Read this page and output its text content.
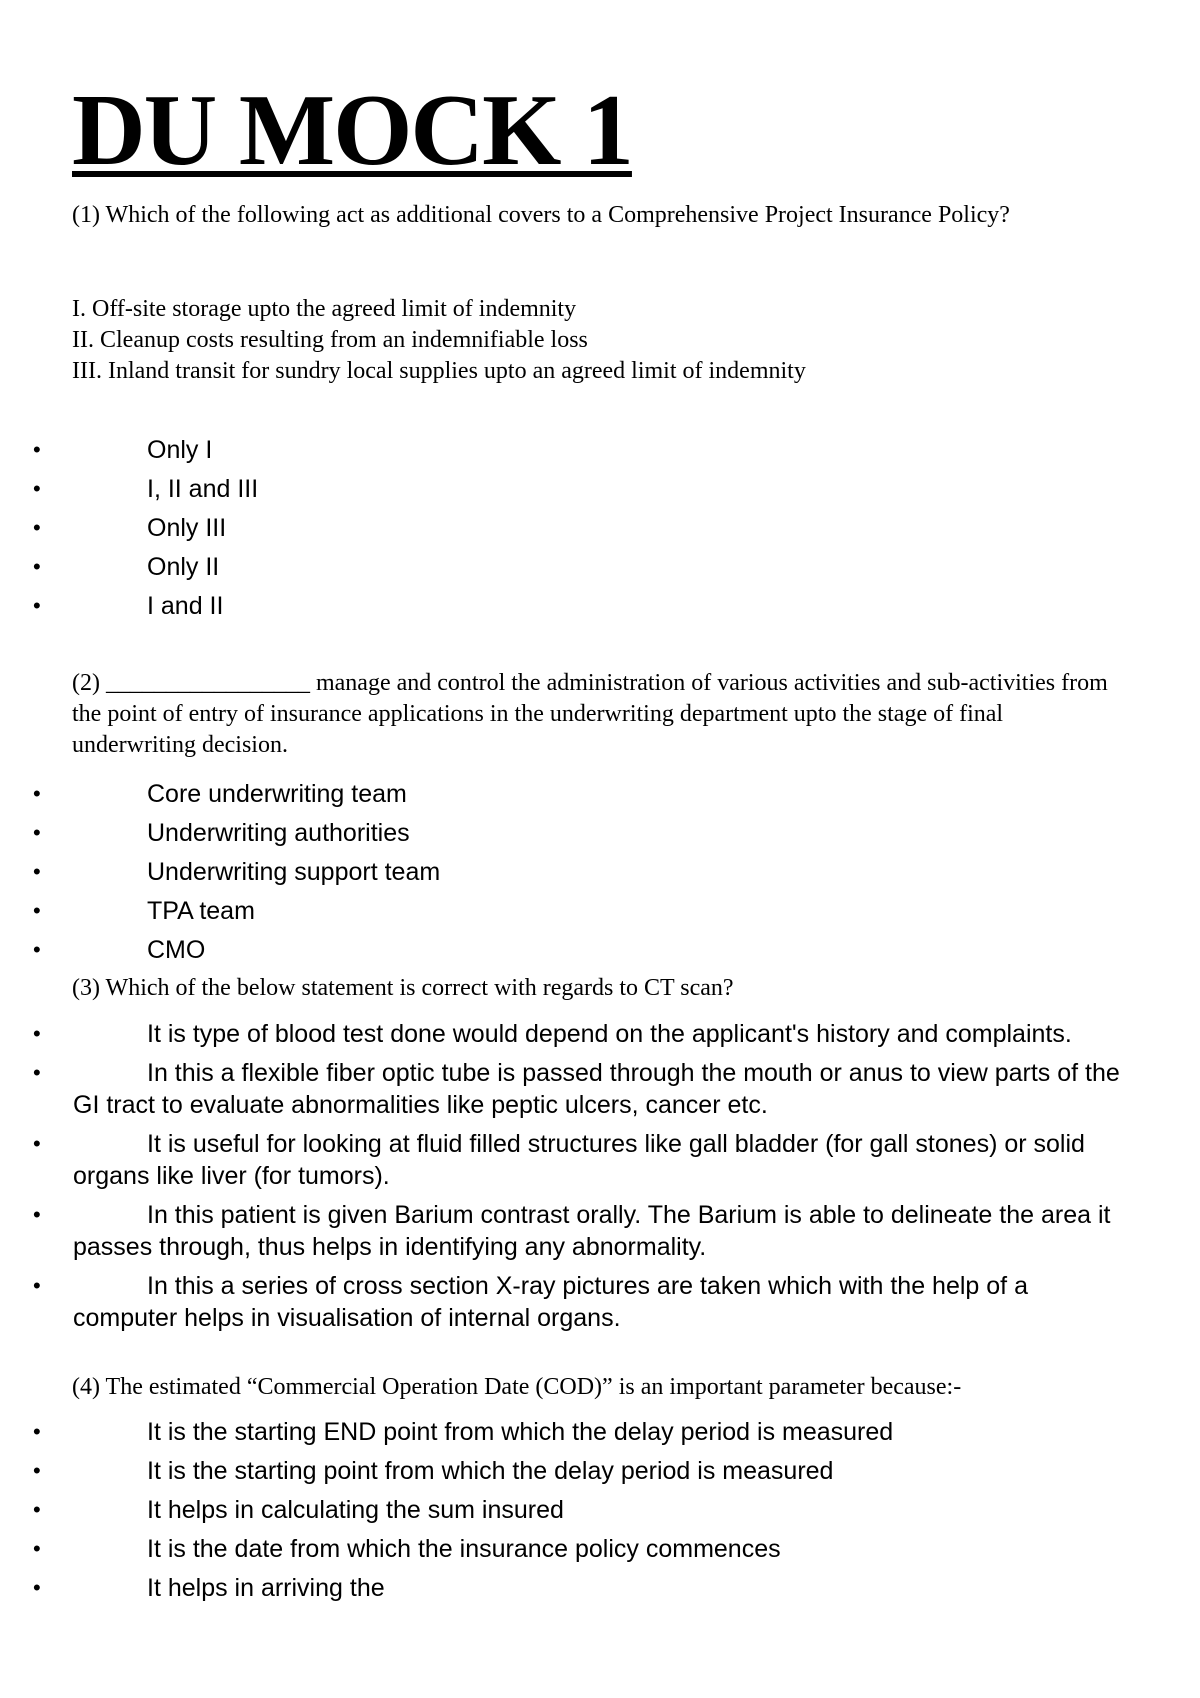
DU MOCK 1

(1) Which of the following act as additional covers to a Comprehensive Project Insurance Policy?

I. Off-site storage upto the agreed limit of indemnity
II. Cleanup costs resulting from an indemnifiable loss
III. Inland transit for sundry local supplies upto an agreed limit of indemnity
•	Only I
•	I, II and III
•	Only III
•	Only II
•	I and II

(2) _________________ manage and control the administration of various activities and sub-activities from the point of entry of insurance applications in the underwriting department upto the stage of final underwriting decision.

•	Core underwriting team
•	Underwriting authorities
•	Underwriting support team
•	TPA team
•	CMO

(3) Which of the below statement is correct with regards to CT scan?

•	It is type of blood test done would depend on the applicant's history and complaints.
•	In this a flexible fiber optic tube is passed through the mouth or anus to view parts of the GI tract to evaluate abnormalities like peptic ulcers, cancer etc.
•	It is useful for looking at fluid filled structures like gall bladder (for gall stones) or solid organs like liver (for tumors).
•	In this patient is given Barium contrast orally. The Barium is able to delineate the area it passes through, thus helps in identifying any abnormality.
•	In this a series of cross section X-ray pictures are taken which with the help of a computer helps in visualisation of internal organs.

(4) The estimated “Commercial Operation Date (COD)” is an important parameter because:-

•	It is the starting END point from which the delay period is measured
•	It is the starting point from which the delay period is measured
•	It helps in calculating the sum insured
•	It is the date from which the insurance policy commences
•	It helps in arriving the
